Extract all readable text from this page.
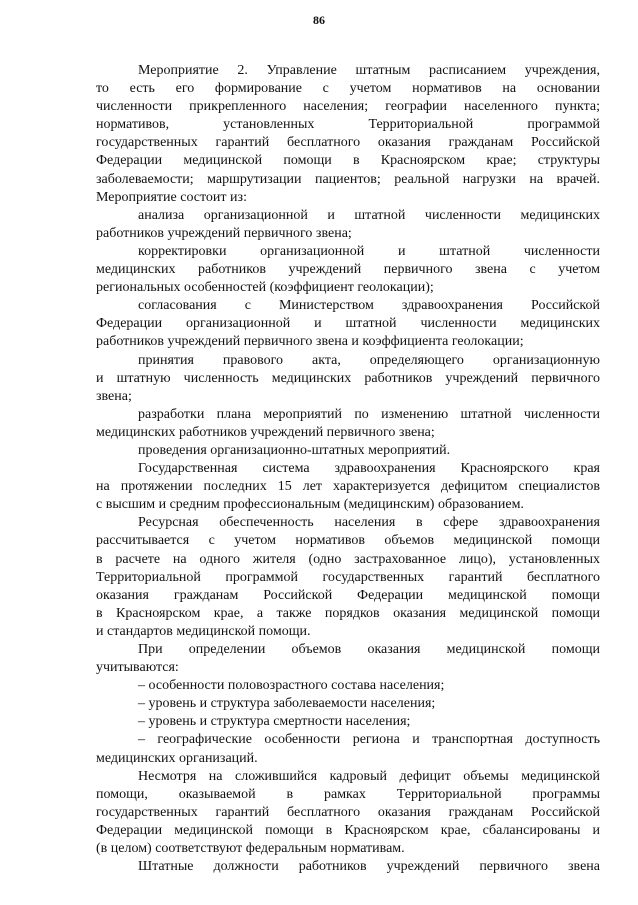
86
Мероприятие 2. Управление штатным расписанием учреждения,
то есть его формирование с учетом нормативов на основании
численности прикрепленного населения; географии населенного пункта;
нормативов, установленных Территориальной программой
государственных гарантий бесплатного оказания гражданам Российской
Федерации медицинской помощи в Красноярском крае; структуры
заболеваемости; маршрутизации пациентов; реальной нагрузки на врачей.
Мероприятие состоит из:
анализа организационной и штатной численности медицинских
работников учреждений первичного звена;
корректировки организационной и штатной численности
медицинских работников учреждений первичного звена с учетом
региональных особенностей (коэффициент геолокации);
согласования с Министерством здравоохранения Российской
Федерации организационной и штатной численности медицинских
работников учреждений первичного звена и коэффициента геолокации;
принятия правового акта, определяющего организационную
и штатную численность медицинских работников учреждений первичного
звена;
разработки плана мероприятий по изменению штатной численности
медицинских работников учреждений первичного звена;
проведения организационно-штатных мероприятий.
Государственная система здравоохранения Красноярского края
на протяжении последних 15 лет характеризуется дефицитом специалистов
с высшим и средним профессиональным (медицинским) образованием.
Ресурсная обеспеченность населения в сфере здравоохранения
рассчитывается с учетом нормативов объемов медицинской помощи
в расчете на одного жителя (одно застрахованное лицо), установленных
Территориальной программой государственных гарантий бесплатного
оказания гражданам Российской Федерации медицинской помощи
в Красноярском крае, а также порядков оказания медицинской помощи
и стандартов медицинской помощи.
При определении объемов оказания медицинской помощи
учитываются:
– особенности половозрастного состава населения;
– уровень и структура заболеваемости населения;
– уровень и структура смертности населения;
– географические особенности региона и транспортная доступность
медицинских организаций.
Несмотря на сложившийся кадровый дефицит объемы медицинской
помощи, оказываемой в рамках Территориальной программы
государственных гарантий бесплатного оказания гражданам Российской
Федерации медицинской помощи в Красноярском крае, сбалансированы и
(в целом) соответствуют федеральным нормативам.
Штатные должности работников учреждений первичного звена
